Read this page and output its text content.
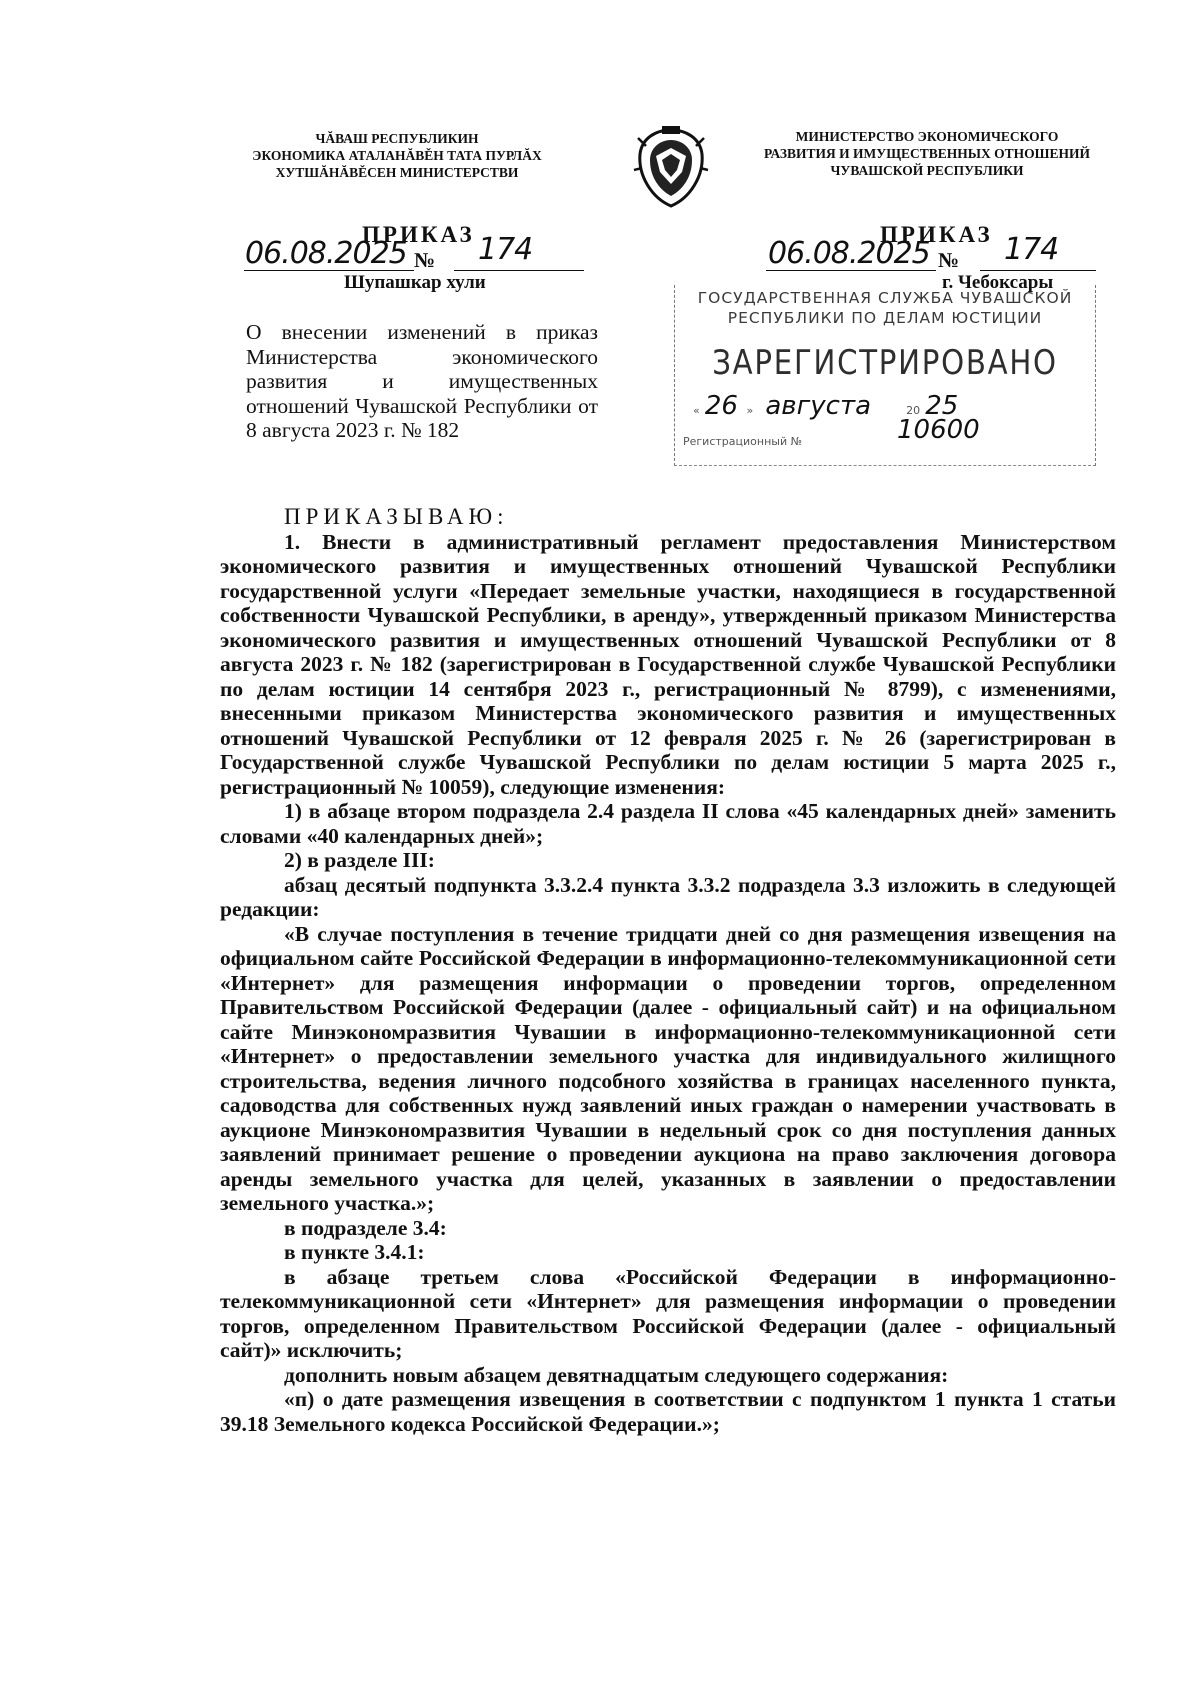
ЧĂВАШ РЕСПУБЛИКИН
ЭКОНОМИКА АТАЛАНĂВĚН ТАТА ПУРЛĂХ
ХУТШĂНĂВĚСЕН МИНИСТЕРСТВИ
МИНИСТЕРСТВО ЭКОНОМИЧЕСКОГО
РАЗВИТИЯ И ИМУЩЕСТВЕННЫХ ОТНОШЕНИЙ
ЧУВАШСКОЙ РЕСПУБЛИКИ
ПРИКАЗ
06.08.2025 № 174
Шупашкар хули
ПРИКАЗ
06.08.2025 № 174
г. Чебоксары
ГОСУДАРСТВЕННАЯ СЛУЖБА ЧУВАШСКОЙ
РЕСПУБЛИКИ ПО ДЕЛАМ ЮСТИЦИИ
ЗАРЕГИСТРИРОВАНО
« 26  »   августа	20 25
Регистрационный №	10600
О внесении изменений в приказ Министерства экономического развития и имущественных отношений Чувашской Республики от 8 августа 2023 г. № 182

ПРИКАЗЫВАЮ:

1. Внести в административный регламент предоставления Министерством экономического развития и имущественных отношений Чувашской Республики государственной услуги «Передает земельные участки, находящиеся в государственной собственности Чувашской Республики, в аренду», утвержденный приказом Министерства экономического развития и имущественных отношений Чувашской Республики от 8 августа 2023 г. № 182 (зарегистрирован в Государственной службе Чувашской Республики по делам юстиции 14 сентября 2023 г., регистрационный № 8799), с изменениями, внесенными приказом Министерства экономического развития и имущественных отношений Чувашской Республики от 12 февраля 2025 г. № 26 (зарегистрирован в Государственной службе Чувашской Республики по делам юстиции 5 марта 2025 г., регистрационный № 10059), следующие изменения:

1) в абзаце втором подраздела 2.4 раздела II слова «45 календарных дней» заменить словами «40 календарных дней»;

2) в разделе III:

абзац десятый подпункта 3.3.2.4 пункта 3.3.2 подраздела 3.3 изложить в следующей редакции:

«В случае поступления в течение тридцати дней со дня размещения извещения на официальном сайте Российской Федерации в информационно-телекоммуникационной сети «Интернет» для размещения информации о проведении торгов, определенном Правительством Российской Федерации (далее - официальный сайт) и на официальном сайте Минэкономразвития Чувашии в информационно-телекоммуникационной сети «Интернет» о предоставлении земельного участка для индивидуального жилищного строительства, ведения личного подсобного хозяйства в границах населенного пункта, садоводства для собственных нужд заявлений иных граждан о намерении участвовать в аукционе Минэкономразвития Чувашии в недельный срок со дня поступления данных заявлений принимает решение о проведении аукциона на право заключения договора аренды земельного участка для целей, указанных в заявлении о предоставлении земельного участка.»;

в подразделе 3.4:

в пункте 3.4.1:

в абзаце третьем слова «Российской Федерации в информационно-телекоммуникационной сети «Интернет» для размещения информации о проведении торгов, определенном Правительством Российской Федерации (далее - официальный сайт)» исключить;

дополнить новым абзацем девятнадцатым следующего содержания:

«п) о дате размещения извещения в соответствии с подпунктом 1 пункта 1 статьи 39.18 Земельного кодекса Российской Федерации.»;
